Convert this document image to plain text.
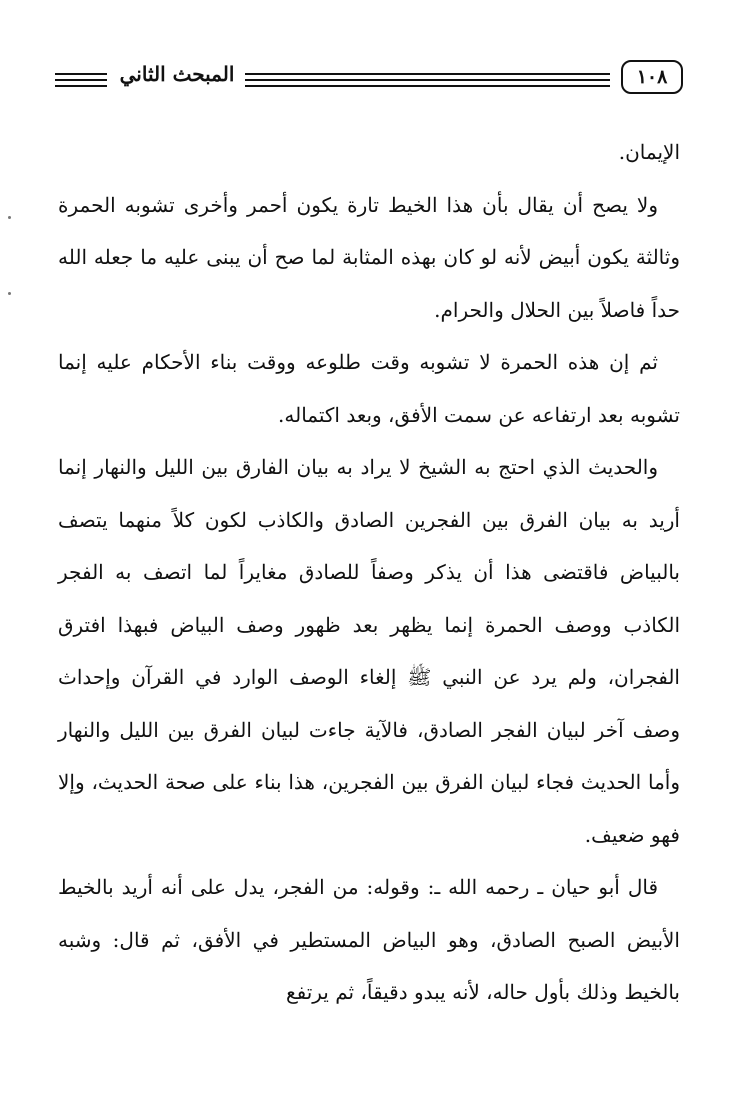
المبحث الثاني	١٠٨

الإيمان.

ولا يصح أن يقال بأن هذا الخيط تارة يكون أحمر وأخرى تشوبه الحمرة وثالثة يكون أبيض لأنه لو كان بهذه المثابة لما صح أن يبنى عليه ما جعله الله حداً فاصلاً بين الحلال والحرام.

ثم إن هذه الحمرة لا تشوبه وقت طلوعه ووقت بناء الأحكام عليه إنما تشوبه بعد ارتفاعه عن سمت الأفق، وبعد اكتماله.

والحديث الذي احتج به الشيخ لا يراد به بيان الفارق بين الليل والنهار إنما أريد به بيان الفرق بين الفجرين الصادق والكاذب لكون كلاً منهما يتصف بالبياض فاقتضى هذا أن يذكر وصفاً للصادق مغايراً لما اتصف به الفجر الكاذب ووصف الحمرة إنما يظهر بعد ظهور وصف البياض فبهذا افترق الفجران، ولم يرد عن النبي ﷺ إلغاء الوصف الوارد في القرآن وإحداث وصف آخر لبيان الفجر الصادق، فالآية جاءت لبيان الفرق بين الليل والنهار وأما الحديث فجاء لبيان الفرق بين الفجرين، هذا بناء على صحة الحديث، وإلا فهو ضعيف.

قال أبو حيان ـ رحمه الله ـ: وقوله: من الفجر، يدل على أنه أريد بالخيط الأبيض الصبح الصادق، وهو البياض المستطير في الأفق، ثم قال: وشبه بالخيط وذلك بأول حاله، لأنه يبدو دقيقاً، ثم يرتفع
